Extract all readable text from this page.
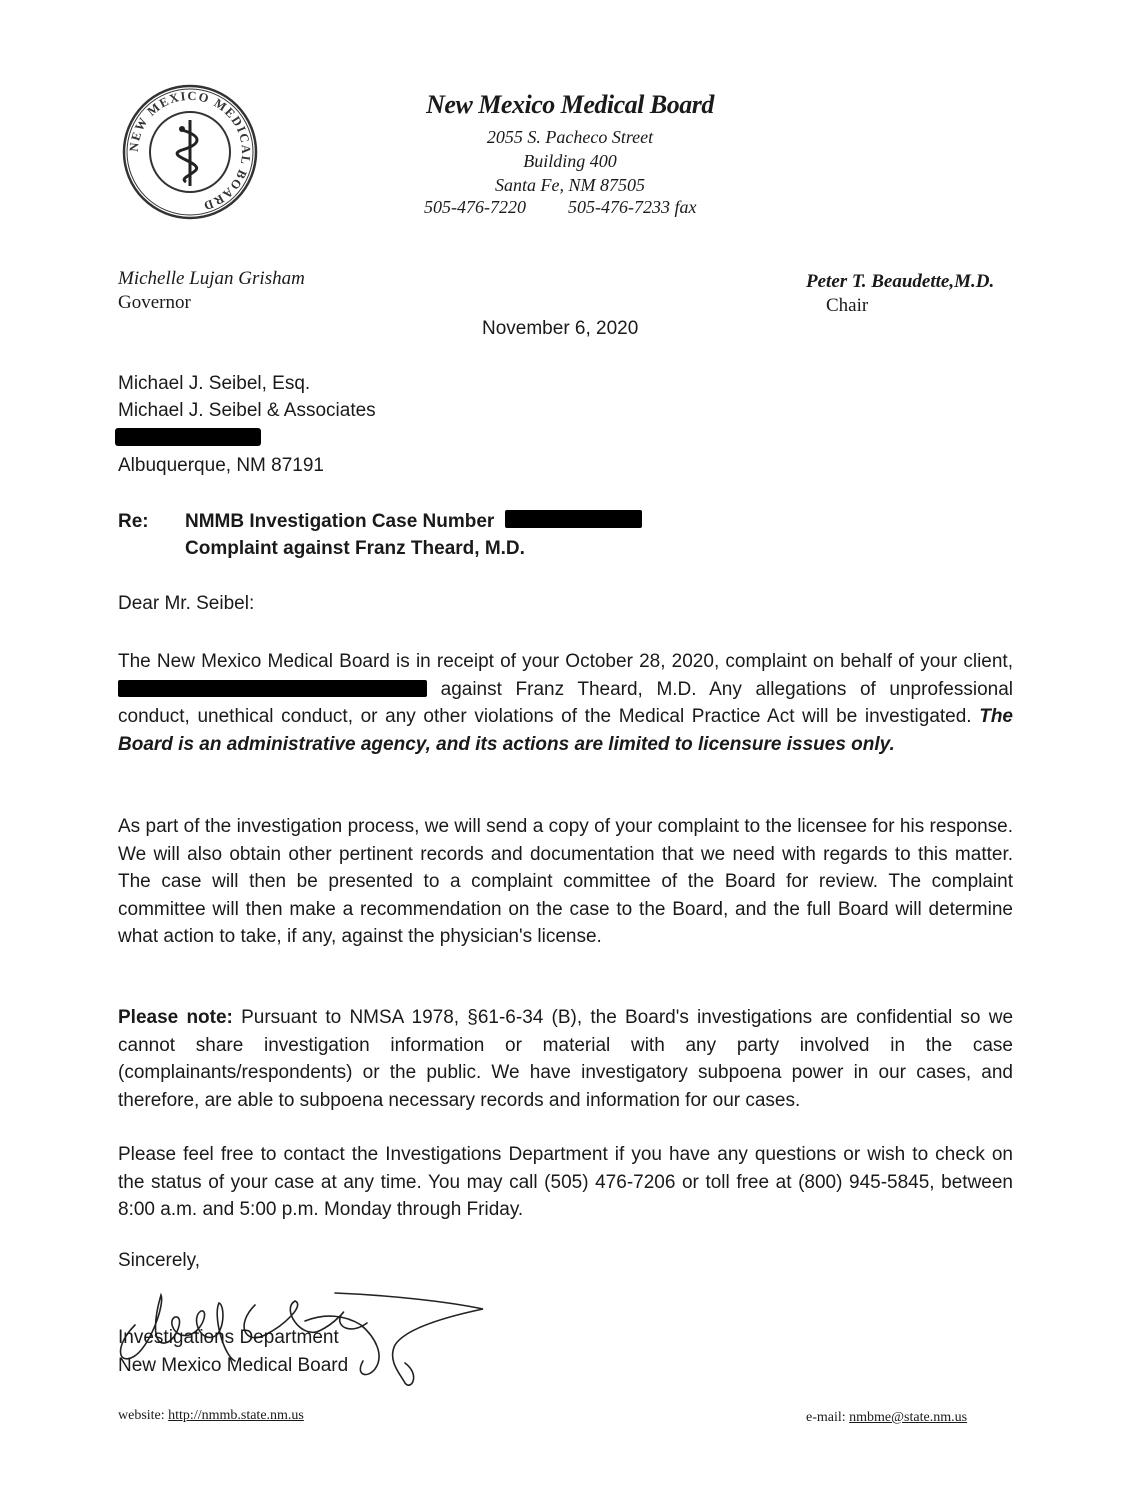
NEW MEXICO MEDICAL BOARD
New Mexico Medical Board
2055 S. Pacheco Street
Building 400
Santa Fe, NM 87505
505-476-7220 505-476-7233 fax
Michelle Lujan Grisham
Governor
Peter T. Beaudette,M.D.
Chair
November 6, 2020
Michael J. Seibel, Esq.
Michael J. Seibel & Associates
Albuquerque, NM 87191
Re: NMMB Investigation Case Number
Complaint against Franz Theard, M.D.
Dear Mr. Seibel:
The New Mexico Medical Board is in receipt of your October 28, 2020, complaint on behalf of your client,  against Franz Theard, M.D. Any allegations of unprofessional conduct, unethical conduct, or any other violations of the Medical Practice Act will be investigated. The Board is an administrative agency, and its actions are limited to licensure issues only.
As part of the investigation process, we will send a copy of your complaint to the licensee for his response. We will also obtain other pertinent records and documentation that we need with regards to this matter. The case will then be presented to a complaint committee of the Board for review. The complaint committee will then make a recommendation on the case to the Board, and the full Board will determine what action to take, if any, against the physician's license.
Please note: Pursuant to NMSA 1978, §61-6-34 (B), the Board's investigations are confidential so we cannot share investigation information or material with any party involved in the case (complainants/respondents) or the public. We have investigatory subpoena power in our cases, and therefore, are able to subpoena necessary records and information for our cases.
Please feel free to contact the Investigations Department if you have any questions or wish to check on the status of your case at any time. You may call (505) 476-7206 or toll free at (800) 945-5845, between 8:00 a.m. and 5:00 p.m. Monday through Friday.
Sincerely,
Investigations Department
New Mexico Medical Board
website: http://nmmb.state.nm.us	e-mail: nmbme@state.nm.us
